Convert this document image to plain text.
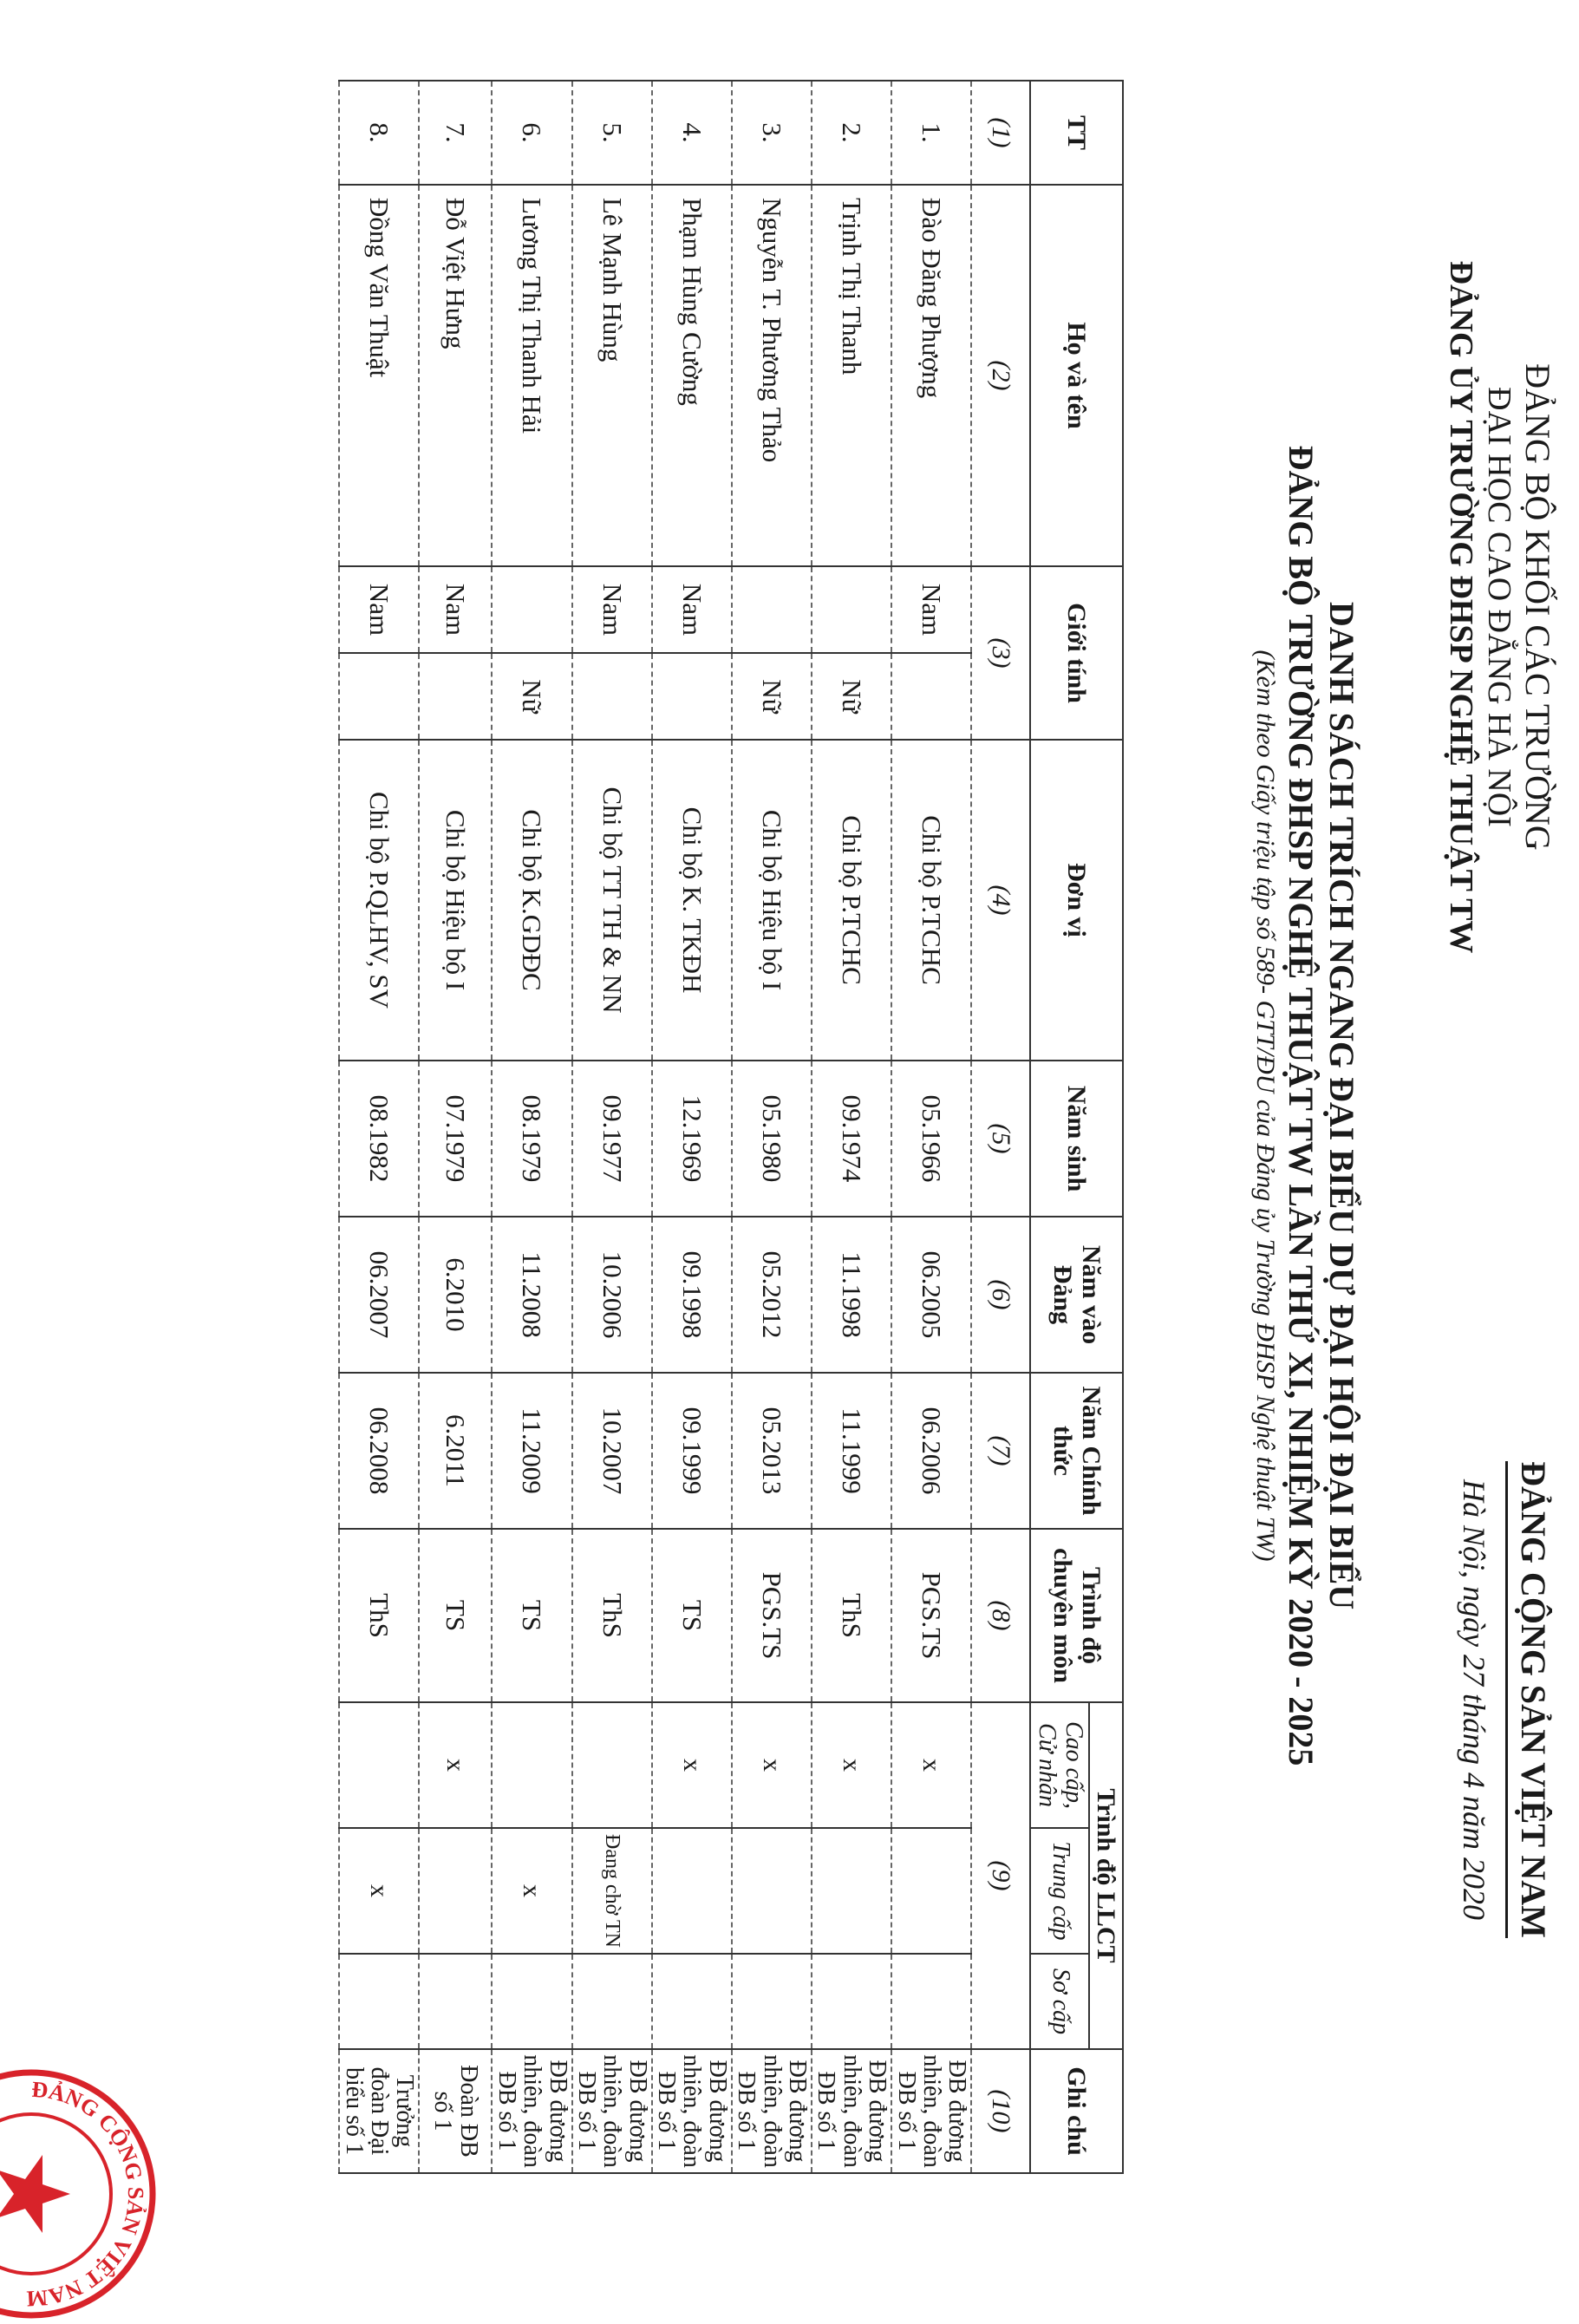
ĐẢNG BỘ KHỐI CÁC TRƯỜNG
ĐẠI HỌC CAO ĐẲNG HÀ NỘI
ĐẢNG ỦY TRƯỜNG ĐHSP NGHỆ THUẬT TW
ĐẢNG CỘNG SẢN VIỆT NAM
Hà Nội, ngày 27 tháng 4 năm 2020
DANH SÁCH TRÍCH NGANG ĐẠI BIỂU DỰ ĐẠI HỘI ĐẠI BIỂU
ĐẢNG BỘ TRƯỜNG ĐHSP NGHỆ THUẬT TW LẦN THỨ XI, NHIỆM KỲ 2020 - 2025
(Kèm theo Giấy triệu tập số 589- GTT/ĐU của Đảng ủy Trường ĐHSP Nghệ thuật TW)
TT	Họ và tên	Giới tính		Đơn vị	Năm sinh	Năm vào Đảng	Năm Chính thức	Trình độ chuyên môn	Trình độ LLCT			Ghi chú
									Cao cấp, Cử nhân	Trung cấp	Sơ cấp	
(1)	(2)	(3)		(4)	(5)	(6)	(7)	(8)	(9)			(10)
1.	Đào Đăng Phượng	Nam		Chi bộ P.TCHC	05.1966	06.2005	06.2006	PGS.TS	x			ĐB đương nhiên, đoàn ĐB số 1
2.	Trịnh Thị Thanh		Nữ	Chi bộ P.TCHC	09.1974	11.1998	11.1999	ThS	x			ĐB đương nhiên, đoàn ĐB số 1
3.	Nguyễn T. Phương Thảo		Nữ	Chi bộ Hiệu bộ I	05.1980	05.2012	05.2013	PGS.TS	x			ĐB đương nhiên, đoàn ĐB số 1
4.	Phạm Hùng Cường	Nam		Chi bộ K. TKĐH	12.1969	09.1998	09.1999	TS	x			ĐB đương nhiên, đoàn ĐB số 1
5.	Lê Mạnh Hùng	Nam		Chi bộ TT TH & NN	09.1977	10.2006	10.2007	ThS		Đang chờ TN		ĐB đương nhiên, đoàn ĐB số 1
6.	Lương Thị Thanh Hải		Nữ	Chi bộ K.GDĐC	08.1979	11.2008	11.2009	TS		x		ĐB đương nhiên, đoàn ĐB số 1
7.	Đỗ Việt Hưng	Nam		Chi bộ Hiệu bộ I	07.1979	6.2010	6.2011	TS	x			Đoàn ĐB số 1
8.	Đồng Văn Thuật	Nam		Chi bộ P.QLHV, SV	08.1982	06.2007	06.2008	ThS		x		Trưởng đoàn Đại biểu số 1
ĐẢNG CỘNG SẢN VIỆT NAM
